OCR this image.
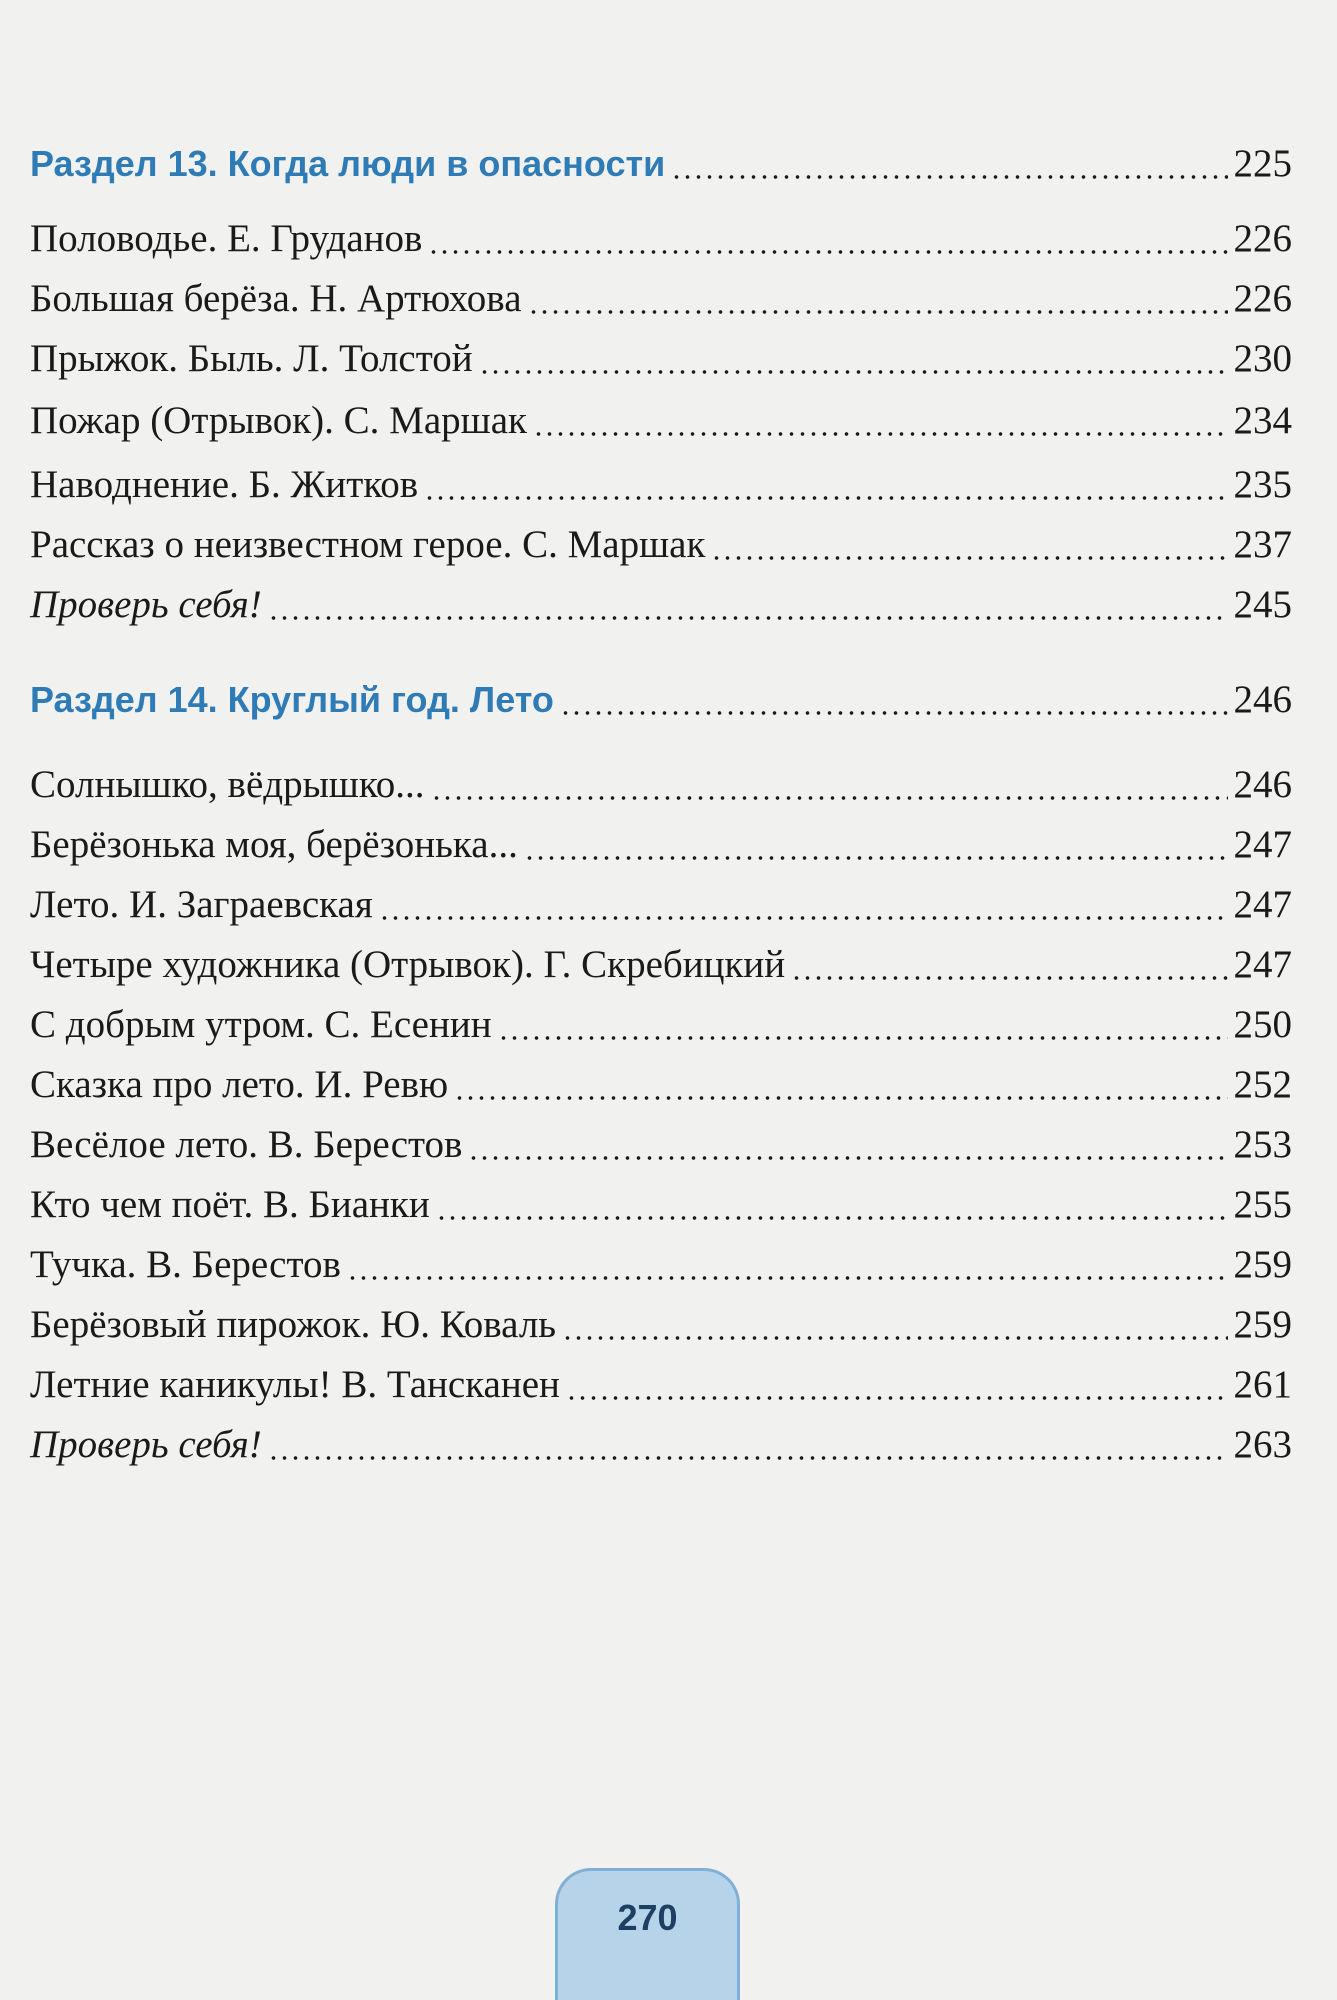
Раздел 13. Когда люди в опасности	225
Половодье. Е. Груданов	226
Большая берёза. Н. Артюхова	226
Прыжок. Быль. Л. Толстой	230
Пожар (Отрывок). С. Маршак	234
Наводнение. Б. Житков	235
Рассказ о неизвестном герое. С. Маршак	237
Проверь себя!	245
Раздел 14. Круглый год. Лето	246
Солнышко, вёдрышко...	246
Берёзонька моя, берёзонька...	247
Лето. И. Заграевская	247
Четыре художника (Отрывок). Г. Скребицкий	247
С добрым утром. С. Есенин	250
Сказка про лето. И. Ревю	252
Весёлое лето. В. Берестов	253
Кто чем поёт. В. Бианки	255
Тучка. В. Берестов	259
Берёзовый пирожок. Ю. Коваль	259
Летние каникулы! В. Тансканен	261
Проверь себя!	263
270
